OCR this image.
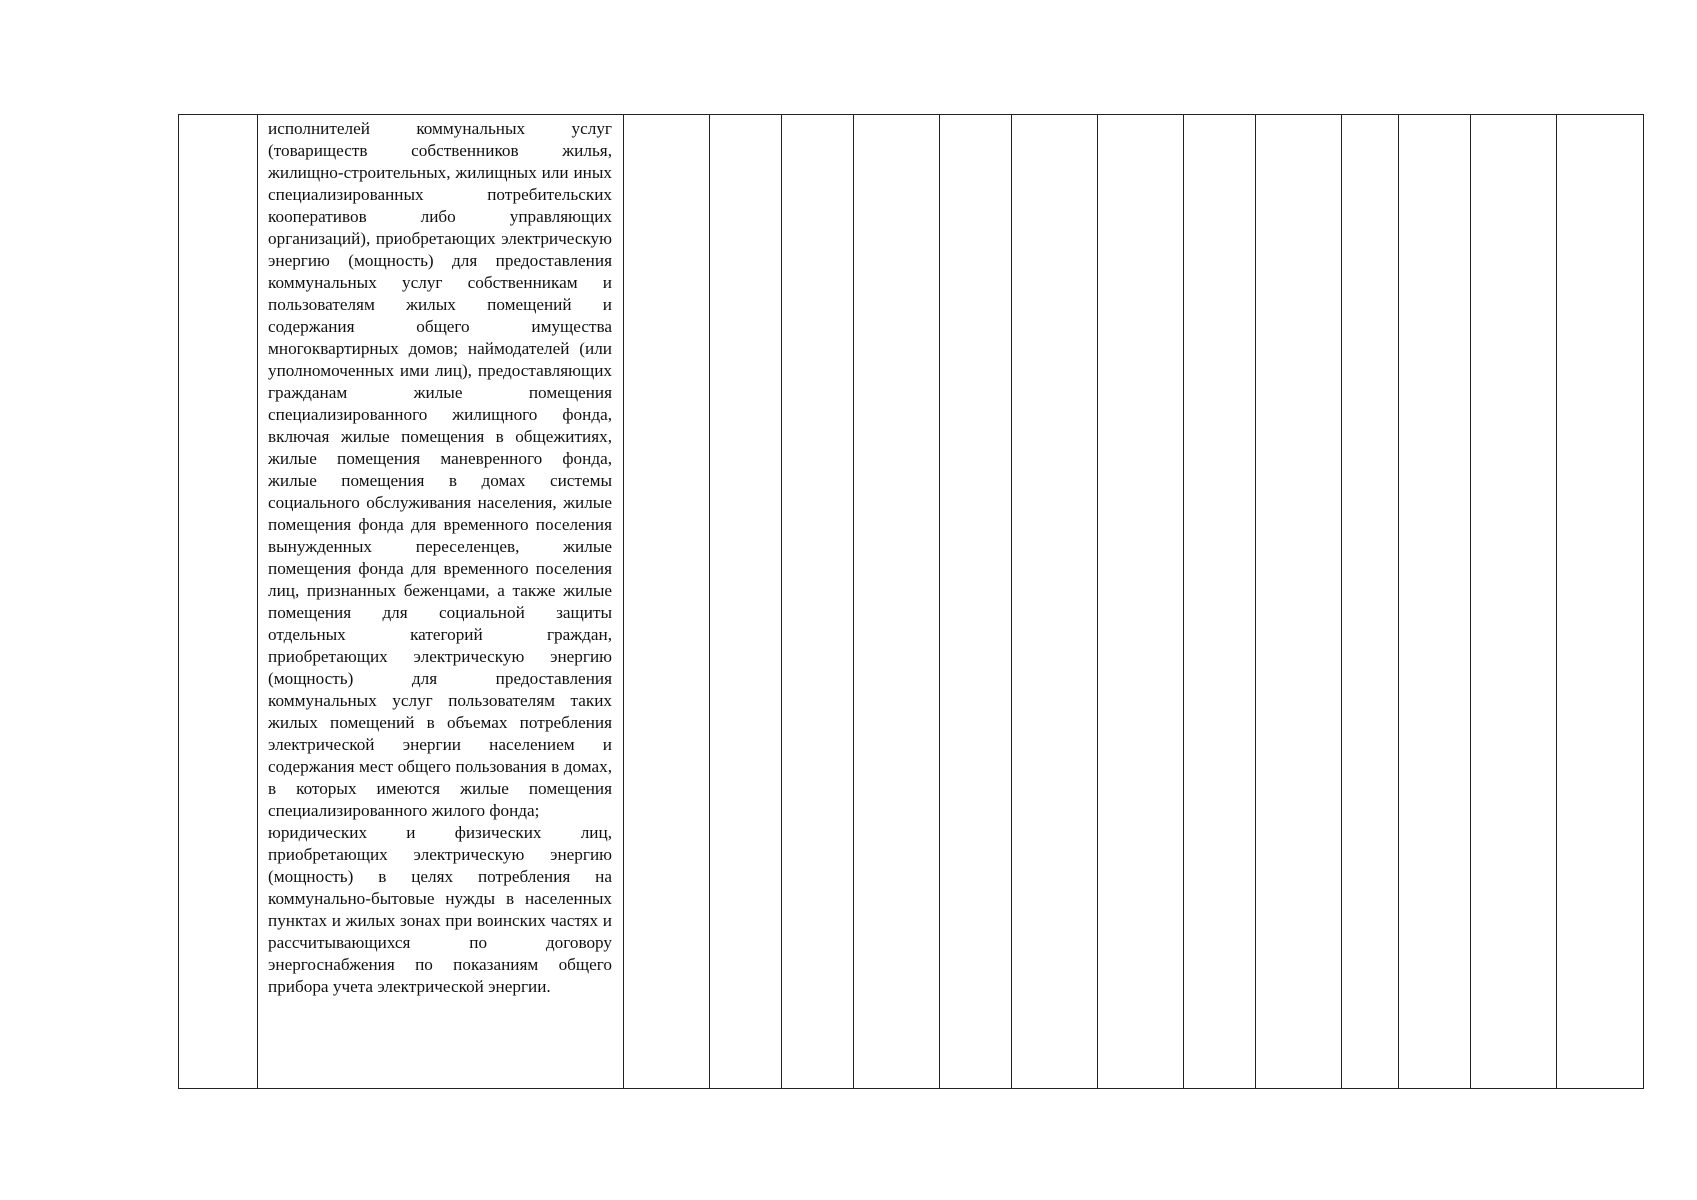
исполнителей коммунальных услуг (товариществ собственников жилья, жилищно-строительных, жилищных или иных специализированных потребительских кооперативов либо управляющих организаций), приобретающих электрическую энергию (мощность) для предоставления коммунальных услуг собственникам и пользователям жилых помещений и содержания общего имущества многоквартирных домов; наймодателей (или уполномоченных ими лиц), предоставляющих гражданам жилые помещения специализированного жилищного фонда, включая жилые помещения в общежитиях, жилые помещения маневренного фонда, жилые помещения в домах системы социального обслуживания населения, жилые помещения фонда для временного поселения вынужденных переселенцев, жилые помещения фонда для временного поселения лиц, признанных беженцами, а также жилые помещения для социальной защиты отдельных категорий граждан, приобретающих электрическую энергию (мощность) для предоставления коммунальных услуг пользователям таких жилых помещений в объемах потребления электрической энергии населением и содержания мест общего пользования в домах, в которых имеются жилые помещения специализированного жилого фонда;

юридических и физических лиц, приобретающих электрическую энергию (мощность) в целях потребления на коммунально-бытовые нужды в населенных пунктах и жилых зонах при воинских частях и рассчитывающихся по договору энергоснабжения по показаниям общего прибора учета электрической энергии.
